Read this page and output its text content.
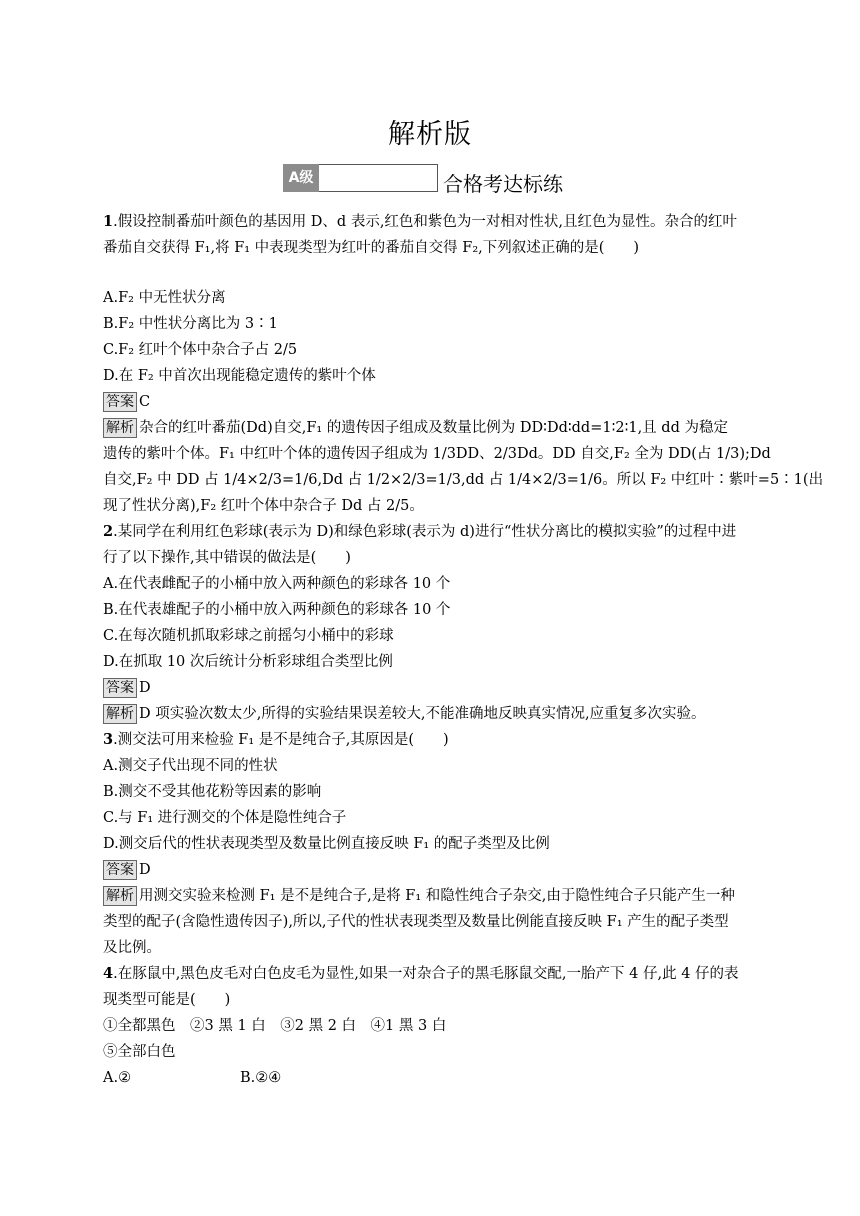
解析版
A级	合格考达标练
1.假设控制番茄叶颜色的基因用 D、d 表示,红色和紫色为一对相对性状,且红色为显性。杂合的红叶
番茄自交获得 F₁,将 F₁ 中表现类型为红叶的番茄自交得 F₂,下列叙述正确的是(　　)
A.F₂ 中无性状分离
B.F₂ 中性状分离比为 3∶1
C.F₂ 红叶个体中杂合子占 2/5
D.在 F₂ 中首次出现能稳定遗传的紫叶个体
答案 C
解析 杂合的红叶番茄(Dd)自交,F₁ 的遗传因子组成及数量比例为 DD∶Dd∶dd=1∶2∶1,且 dd 为稳定
遗传的紫叶个体。F₁ 中红叶个体的遗传因子组成为 1/3DD、2/3Dd。DD 自交,F₂ 全为 DD(占 1/3);Dd
自交,F₂ 中 DD 占 1/4×2/3=1/6,Dd 占 1/2×2/3=1/3,dd 占 1/4×2/3=1/6。所以 F₂ 中红叶∶紫叶=5∶1(出
现了性状分离),F₂ 红叶个体中杂合子 Dd 占 2/5。
2.某同学在利用红色彩球(表示为 D)和绿色彩球(表示为 d)进行“性状分离比的模拟实验”的过程中进
行了以下操作,其中错误的做法是(　　)
A.在代表雌配子的小桶中放入两种颜色的彩球各 10 个
B.在代表雄配子的小桶中放入两种颜色的彩球各 10 个
C.在每次随机抓取彩球之前摇匀小桶中的彩球
D.在抓取 10 次后统计分析彩球组合类型比例
答案 D
解析 D 项实验次数太少,所得的实验结果误差较大,不能准确地反映真实情况,应重复多次实验。
3.测交法可用来检验 F₁ 是不是纯合子,其原因是(　　)
A.测交子代出现不同的性状
B.测交不受其他花粉等因素的影响
C.与 F₁ 进行测交的个体是隐性纯合子
D.测交后代的性状表现类型及数量比例直接反映 F₁ 的配子类型及比例
答案 D
解析 用测交实验来检测 F₁ 是不是纯合子,是将 F₁ 和隐性纯合子杂交,由于隐性纯合子只能产生一种
类型的配子(含隐性遗传因子),所以,子代的性状表现类型及数量比例能直接反映 F₁ 产生的配子类型
及比例。
4.在豚鼠中,黑色皮毛对白色皮毛为显性,如果一对杂合子的黑毛豚鼠交配,一胎产下 4 仔,此 4 仔的表
现类型可能是(　　)
①全都黑色　②3 黑 1 白　③2 黑 2 白　④1 黑 3 白
⑤全部白色
A.②	B.②④
